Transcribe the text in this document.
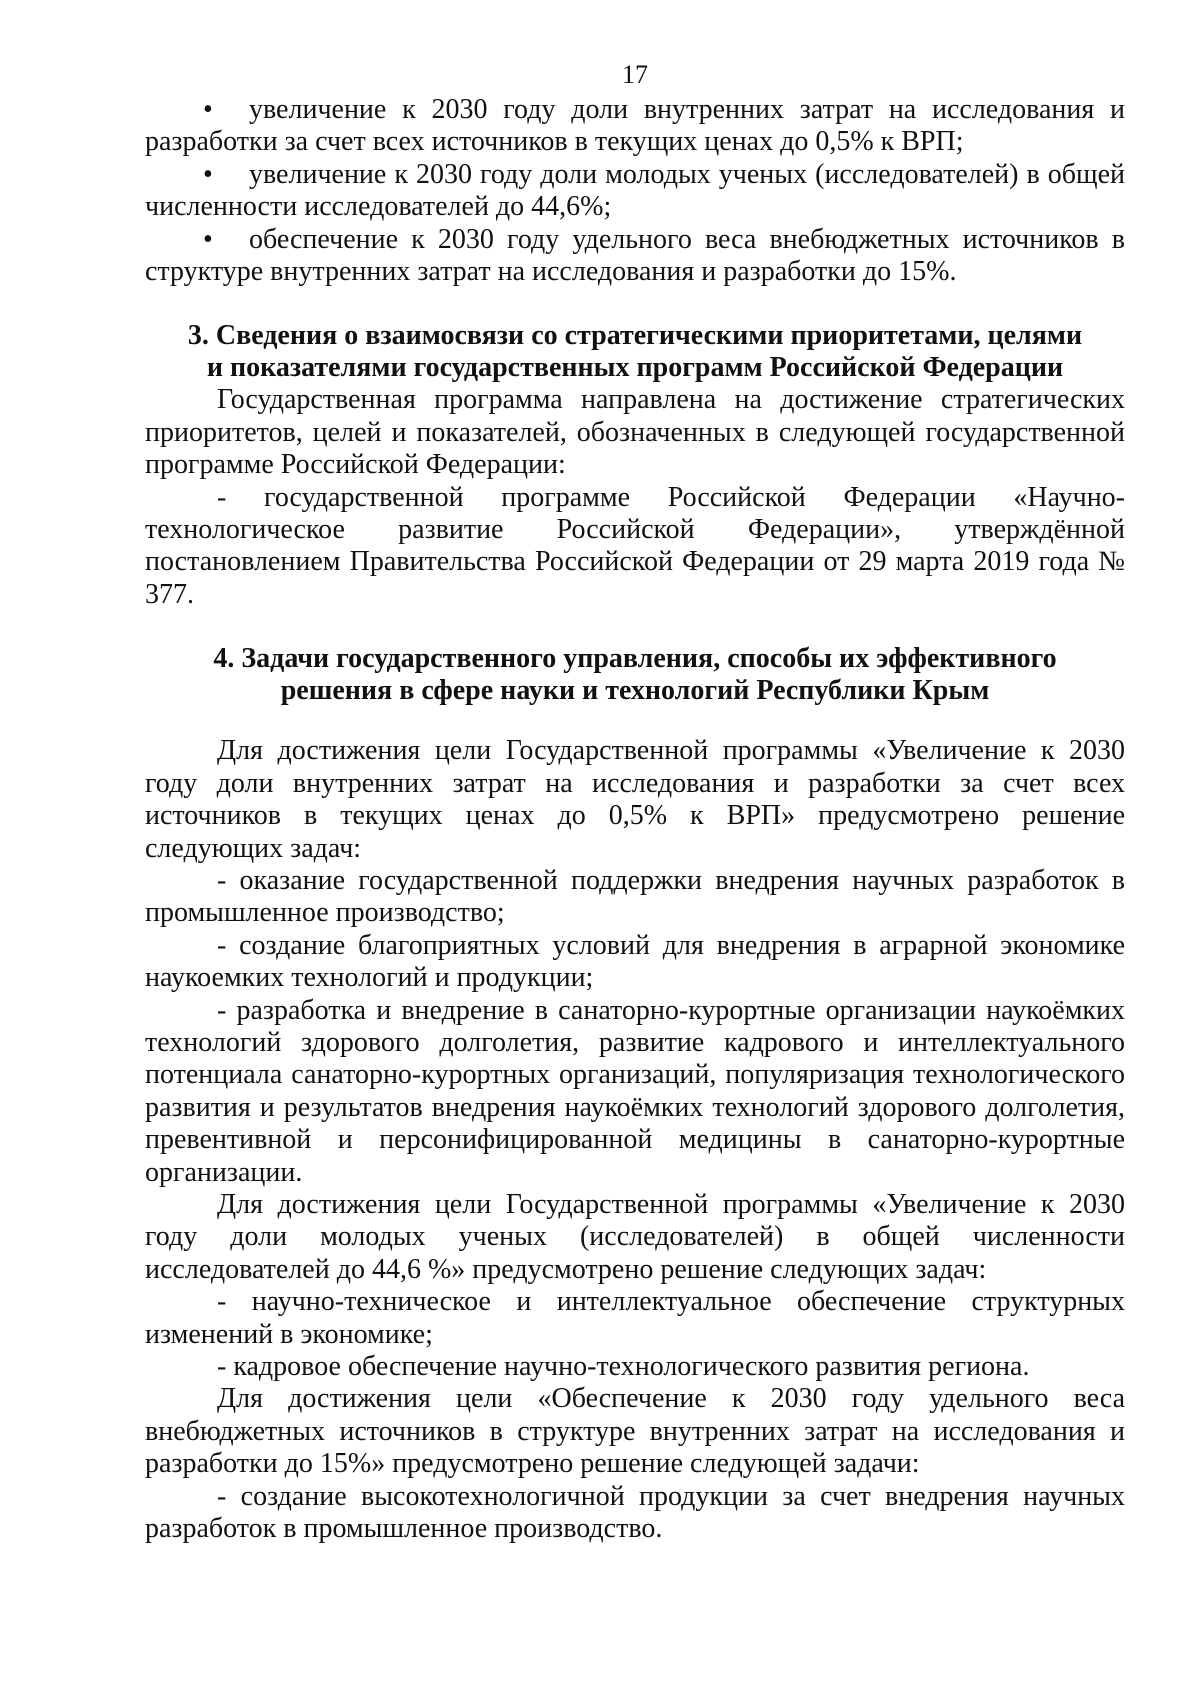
17

• увеличение к 2030 году доли внутренних затрат на исследования и разработки за счет всех источников в текущих ценах до 0,5% к ВРП;

• увеличение к 2030 году доли молодых ученых (исследователей) в общей численности исследователей до 44,6%;

• обеспечение к 2030 году удельного веса внебюджетных источников в структуре внутренних затрат на исследования и разработки до 15%.

3. Сведения о взаимосвязи со стратегическими приоритетами, целями

и показателями государственных программ Российской Федерации

Государственная программа направлена на достижение стратегических приоритетов, целей и показателей, обозначенных в следующей государственной программе Российской Федерации:

- государственной программе Российской Федерации «Научно-технологическое развитие Российской Федерации», утверждённой постановлением Правительства Российской Федерации от 29 марта 2019 года № 377.

4. Задачи государственного управления, способы их эффективного

решения в сфере науки и технологий Республики Крым

Для достижения цели Государственной программы «Увеличение к 2030 году доли внутренних затрат на исследования и разработки за счет всех источников в текущих ценах до 0,5% к ВРП» предусмотрено решение следующих задач:

- оказание государственной поддержки внедрения научных разработок в промышленное производство;

- создание благоприятных условий для внедрения в аграрной экономике наукоемких технологий и продукции;

- разработка и внедрение в санаторно-курортные организации наукоёмких технологий здорового долголетия, развитие кадрового и интеллектуального потенциала санаторно-курортных организаций, популяризация технологического развития и результатов внедрения наукоёмких технологий здорового долголетия, превентивной и персонифицированной медицины в санаторно-курортные организации.

Для достижения цели Государственной программы «Увеличение к 2030 году доли молодых ученых (исследователей) в общей численности исследователей до 44,6 %» предусмотрено решение следующих задач:

- научно-техническое и интеллектуальное обеспечение структурных изменений в экономике;

- кадровое обеспечение научно-технологического развития региона.

Для достижения цели «Обеспечение к 2030 году удельного веса внебюджетных источников в структуре внутренних затрат на исследования и разработки до 15%» предусмотрено решение следующей задачи:

- создание высокотехнологичной продукции за счет внедрения научных разработок в промышленное производство.
